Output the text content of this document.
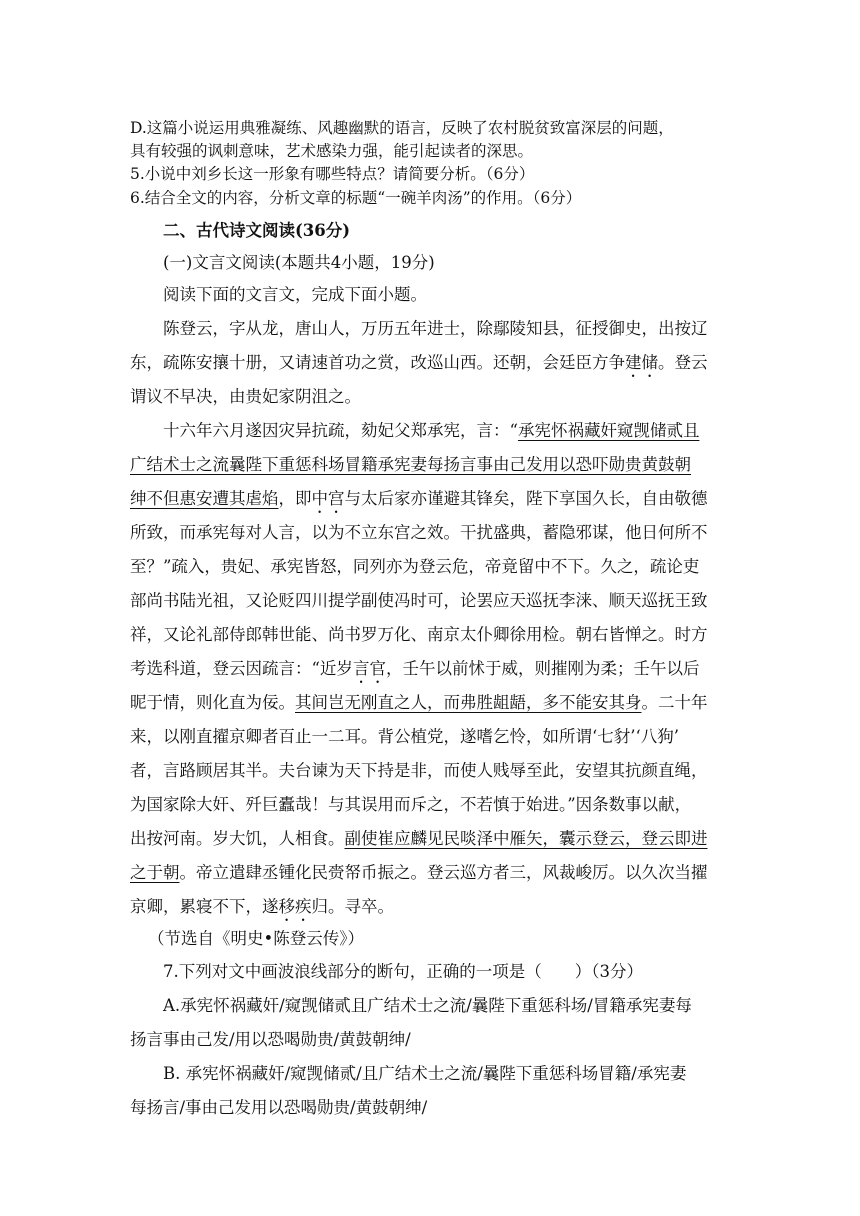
D.这篇小说运用典雅凝练、风趣幽默的语言，反映了农村脱贫致富深层的问题，
具有较强的讽刺意味，艺术感染力强，能引起读者的深思。
5.小说中刘乡长这一形象有哪些特点？请简要分析。（6分）
6.结合全文的内容，分析文章的标题“一碗羊肉汤”的作用。（6分）
二、古代诗文阅读(36分)
(一)文言文阅读(本题共4小题，19分)
阅读下面的文言文，完成下面小题。
陈登云，字从龙，唐山人，万历五年进士，除鄢陵知县，征授御史，出按辽
东，疏陈安攘十册，又请速首功之赏，改巡山西。还朝，会廷臣方争建储。登云
谓议不早决，由贵妃家阴沮之。
十六年六月遂因灾异抗疏，劾妃父郑承宪，言：“承宪怀祸藏奸窥觊储贰且
广结术士之流曩陛下重惩科场冒籍承宪妻每扬言事由己发用以恐吓勋贵黄鼓朝
绅不但惠安遭其虐焰，即中宫与太后家亦谨避其锋矣，陛下享国久长，自由敬德
所致，而承宪每对人言，以为不立东宫之效。干扰盛典，蓄隐邪谋，他日何所不
至？”疏入，贵妃、承宪皆怒，同列亦为登云危，帝竟留中不下。久之，疏论吏
部尚书陆光祖，又论贬四川提学副使冯时可，论罢应天巡抚李涞、顺天巡抚王致
祥，又论礼部侍郎韩世能、尚书罗万化、南京太仆卿徐用检。朝右皆惮之。时方
考选科道，登云因疏言：“近岁言官，壬午以前怵于威，则摧刚为柔；壬午以后
昵于情，则化直为佞。其间岂无刚直之人，而弗胜龃龉，多不能安其身。二十年
来，以刚直擢京卿者百止一二耳。背公植党，遂嗜乞怜，如所谓‘七豺’‘八狗’
者，言路顾居其半。夫台谏为天下持是非，而使人贱辱至此，安望其抗颜直绳，
为国家除大奸、歼巨蠹哉！与其误用而斥之，不若慎于始进。”因条数事以献，
出按河南。岁大饥，人相食。副使崔应麟见民啖泽中雁矢，囊示登云，登云即进
之于朝。帝立遣肆丞锺化民赍帑币振之。登云巡方者三，风裁峻厉。以久次当擢
京卿，累寝不下，遂移疾归。寻卒。
（节选自《明史•陈登云传》）
7.下列对文中画波浪线部分的断句，正确的一项是（　　）（3分）
A.承宪怀祸藏奸/窥觊储贰且广结术士之流/曩陛下重惩科场/冒籍承宪妻每
扬言事由己发/用以恐喝勋贵/黄鼓朝绅/
B. 承宪怀祸藏奸/窥觊储贰/且广结术士之流/曩陛下重惩科场冒籍/承宪妻
每扬言/事由己发用以恐喝勋贵/黄鼓朝绅/
